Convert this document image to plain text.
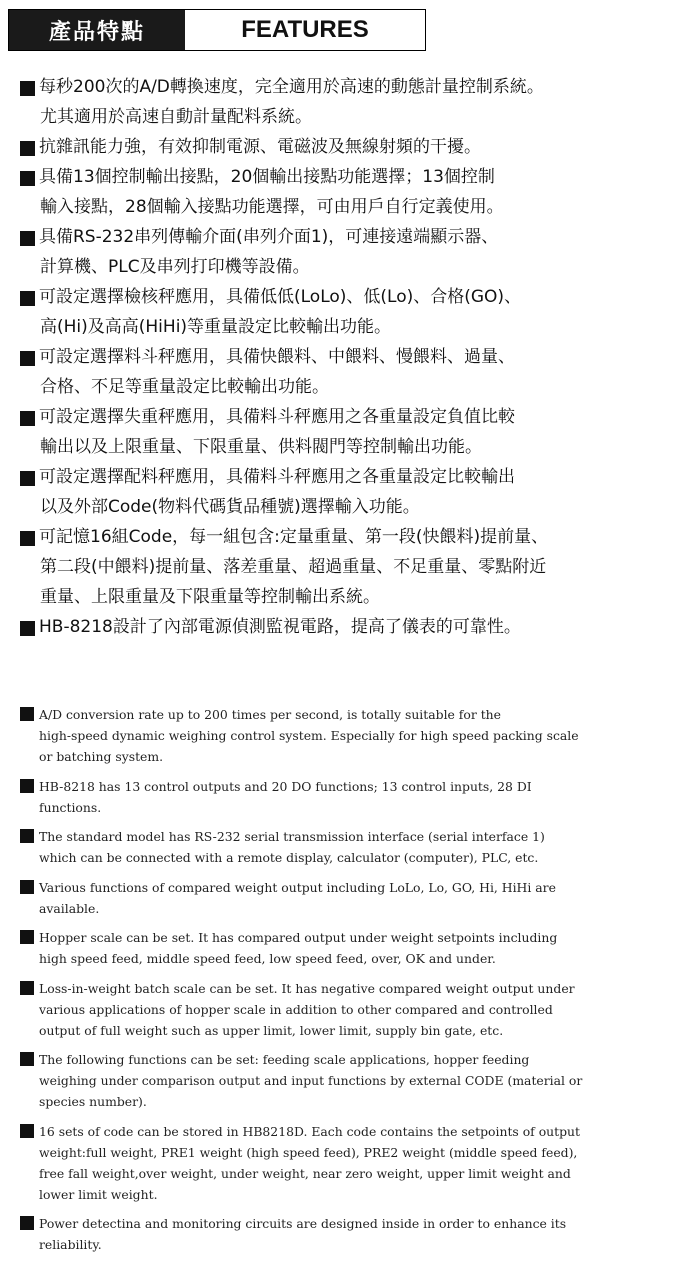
產品特點	FEATURES
每秒200次的A/D轉換速度，完全適用於高速的動態計量控制系統。
尤其適用於高速自動計量配料系統。
抗雜訊能力強，有效抑制電源、電磁波及無線射頻的干擾。
具備13個控制輸出接點，20個輸出接點功能選擇；13個控制
輸入接點，28個輸入接點功能選擇，可由用戶自行定義使用。
具備RS-232串列傳輸介面(串列介面1)，可連接遠端顯示器、
計算機、PLC及串列打印機等設備。
可設定選擇檢核秤應用，具備低低(LoLo)、低(Lo)、合格(GO)、
高(Hi)及高高(HiHi)等重量設定比較輸出功能。
可設定選擇料斗秤應用，具備快餵料、中餵料、慢餵料、過量、
合格、不足等重量設定比較輸出功能。
可設定選擇失重秤應用，具備料斗秤應用之各重量設定負值比較
輸出以及上限重量、下限重量、供料閥門等控制輸出功能。
可設定選擇配料秤應用，具備料斗秤應用之各重量設定比較輸出
以及外部Code(物料代碼貨品種號)選擇輸入功能。
可記憶16組Code，每一組包含:定量重量、第一段(快餵料)提前量、
第二段(中餵料)提前量、落差重量、超過重量、不足重量、零點附近
重量、上限重量及下限重量等控制輸出系統。
HB-8218設計了內部電源偵測監視電路，提高了儀表的可靠性。
A/D conversion rate up to 200 times per second, is totally suitable for the
high-speed dynamic weighing control system. Especially for high speed packing scale
or batching system.
HB-8218 has 13 control outputs and 20 DO functions; 13 control inputs, 28 DI
functions.
The standard model has RS-232 serial transmission interface (serial interface 1)
which can be connected with a remote display, calculator (computer), PLC, etc.
Various functions of compared weight output including LoLo, Lo, GO, Hi, HiHi are
available.
Hopper scale can be set. It has compared output under weight setpoints including
high speed feed, middle speed feed, low speed feed, over, OK and under.
Loss-in-weight batch scale can be set. It has negative compared weight output under
various applications of hopper scale in addition to other compared and controlled
output of full weight such as upper limit, lower limit, supply bin gate, etc.
The following functions can be set: feeding scale applications, hopper feeding
weighing under comparison output and input functions by external CODE (material or
species number).
16 sets of code can be stored in HB8218D. Each code contains the setpoints of output
weight:full weight, PRE1 weight (high speed feed), PRE2 weight (middle speed feed),
free fall weight,over weight, under weight, near zero weight, upper limit weight and
lower limit weight.
Power detectina and monitoring circuits are designed inside in order to enhance its
reliability.
